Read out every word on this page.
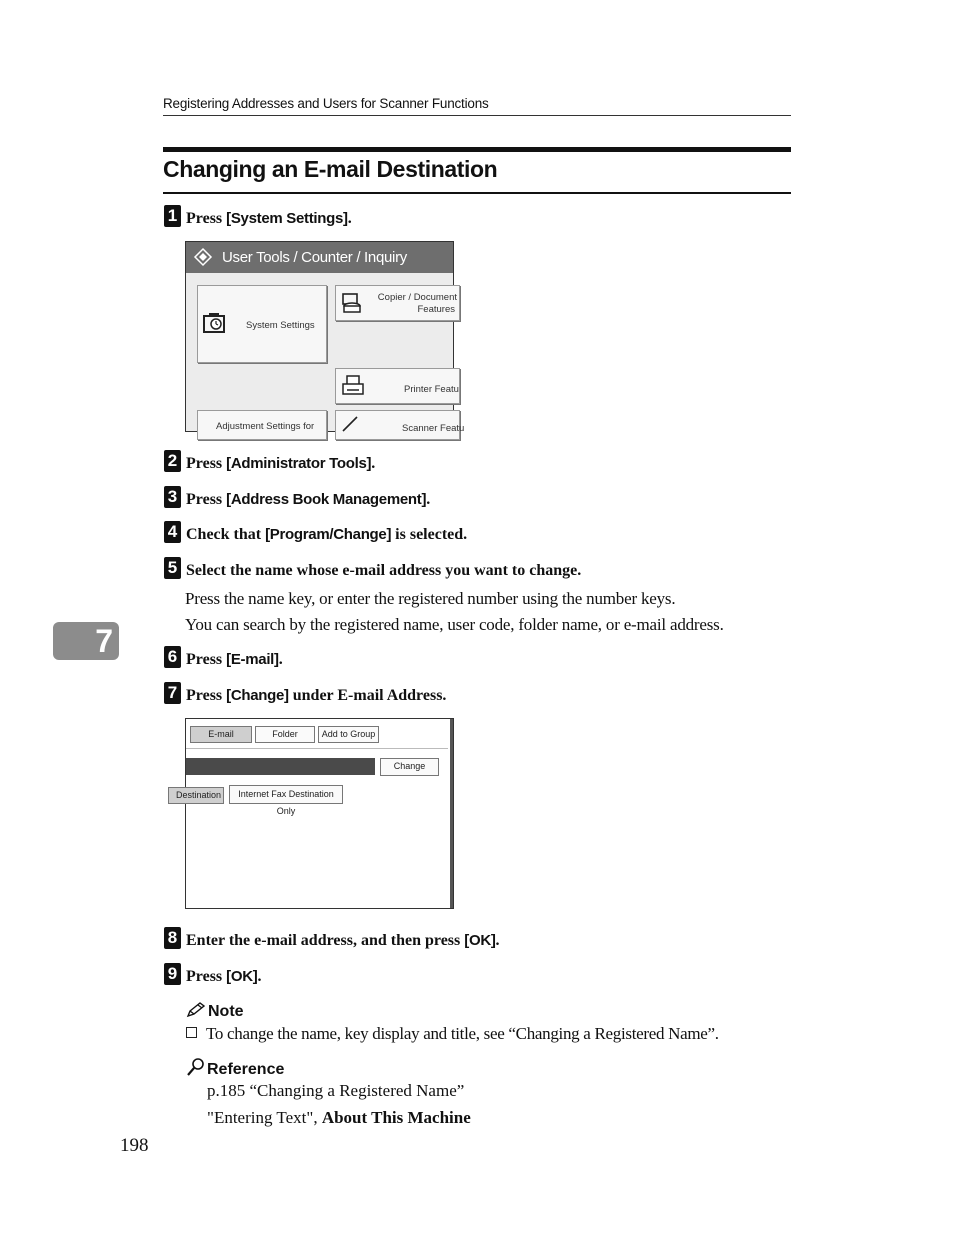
Registering Addresses and Users for Scanner Functions
Changing an E-mail Destination
1 Press [System Settings].
User Tools / Counter / Inquiry
System Settings
Copier / Document
Features
Printer Featu
Adjustment Settings for	Scanner Featu
2 Press [Administrator Tools].
3 Press [Address Book Management].
4 Check that [Program/Change] is selected.
5 Select the name whose e-mail address you want to change.
Press the name key, or enter the registered number using the number keys.
You can search by the registered name, user code, folder name, or e-mail address.
7	6 Press [E-mail].
7 Press [Change] under E-mail Address.
E-mail	Folder	Add to Group
Change
Destination	Internet Fax Destination Only
8 Enter the e-mail address, and then press [OK].
9 Press [OK].
Note
To change the name, key display and title, see “Changing a Registered Name”.
Reference
p.185 “Changing a Registered Name”
"Entering Text", About This Machine
198
